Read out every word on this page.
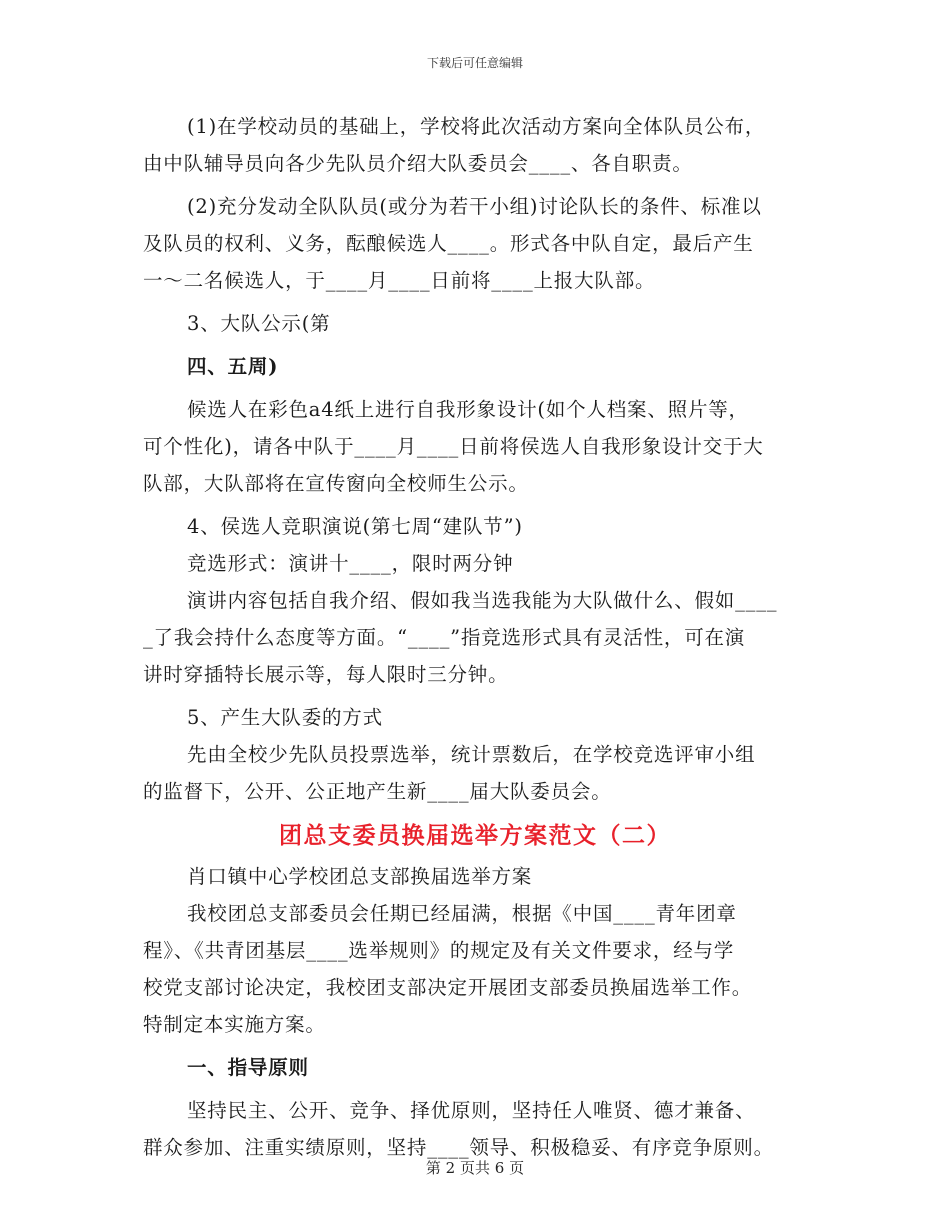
下载后可任意编辑
(1)在学校动员的基础上，学校将此次活动方案向全体队员公布，
由中队辅导员向各少先队员介绍大队委员会____、各自职责。
(2)充分发动全队队员(或分为若干小组)讨论队长的条件、标准以
及队员的权利、义务，酝酿候选人____。形式各中队自定，最后产生
一～二名候选人，于____月____日前将____上报大队部。
3、大队公示(第
四、五周)
候选人在彩色a4纸上进行自我形象设计(如个人档案、照片等，
可个性化)，请各中队于____月____日前将侯选人自我形象设计交于大
队部，大队部将在宣传窗向全校师生公示。
4、侯选人竞职演说(第七周“建队节”)
竞选形式：演讲十____，限时两分钟
演讲内容包括自我介绍、假如我当选我能为大队做什么、假如____
_了我会持什么态度等方面。“____”指竞选形式具有灵活性，可在演
讲时穿插特长展示等，每人限时三分钟。
5、产生大队委的方式
先由全校少先队员投票选举，统计票数后，在学校竞选评审小组
的监督下，公开、公正地产生新____届大队委员会。
团总支委员换届选举方案范文（二）
肖口镇中心学校团总支部换届选举方案
我校团总支部委员会任期已经届满，根据《中国____青年团章
程》、《共青团基层____选举规则》的规定及有关文件要求，经与学
校党支部讨论决定，我校团支部决定开展团支部委员换届选举工作。
特制定本实施方案。
一、指导原则
坚持民主、公开、竞争、择优原则，坚持任人唯贤、德才兼备、
群众参加、注重实绩原则，坚持____领导、积极稳妥、有序竞争原则。
第 2 页共 6 页
